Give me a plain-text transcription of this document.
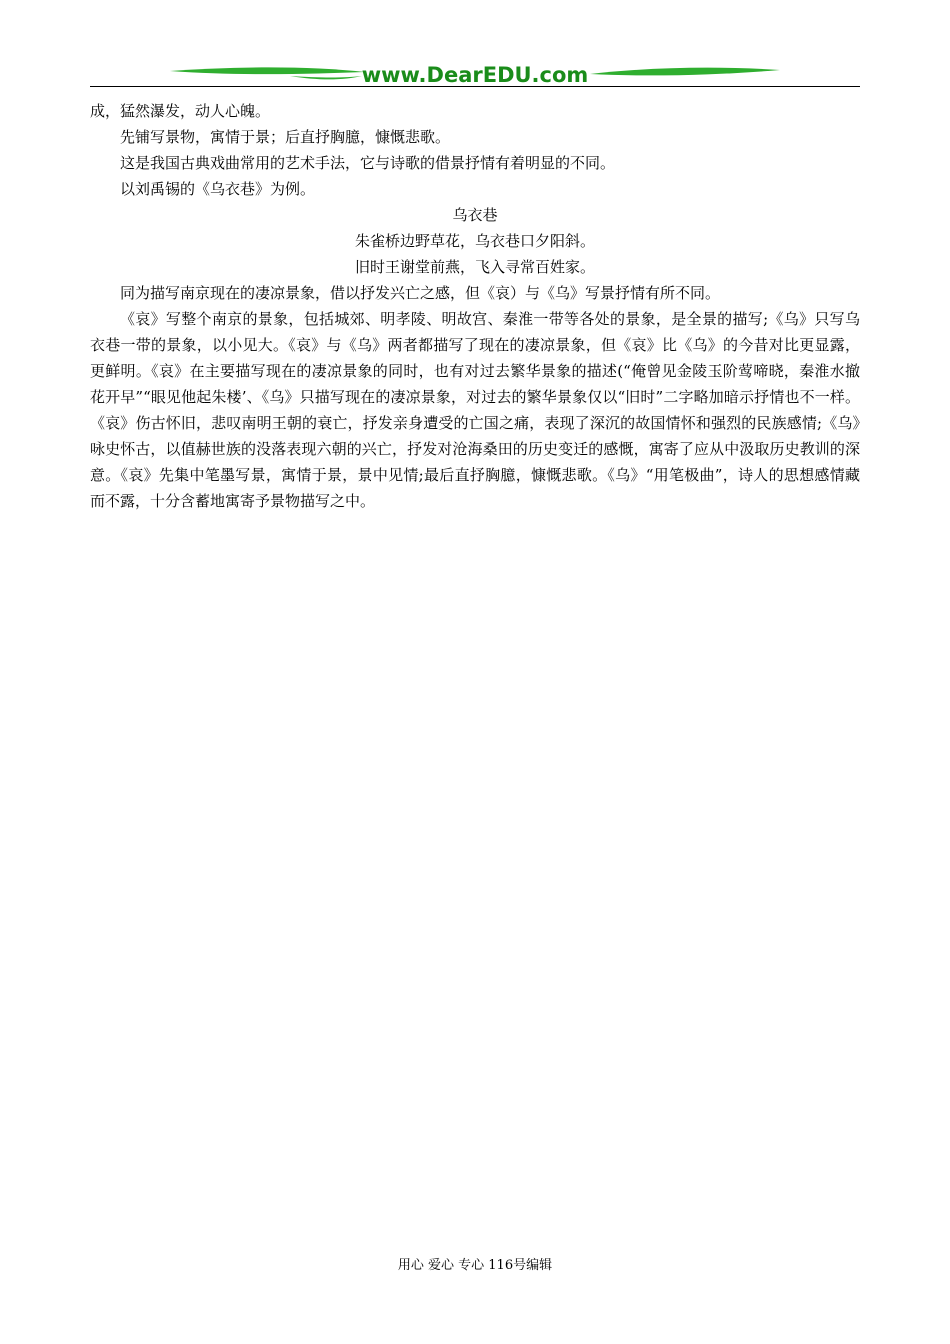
www.DearEDU.com

成，猛然瀑发，动人心魄。

先铺写景物，寓情于景；后直抒胸臆，慷慨悲歌。

这是我国古典戏曲常用的艺术手法，它与诗歌的借景抒情有着明显的不同。

以刘禹锡的《乌衣巷》为例。

乌衣巷

朱雀桥边野草花，乌衣巷口夕阳斜。

旧时王谢堂前燕，飞入寻常百姓家。

同为描写南京现在的凄凉景象，借以抒发兴亡之感，但《哀）与《乌》写景抒情有所不同。

《哀》写整个南京的景象，包括城郊、明孝陵、明故宫、秦淮一带等各处的景象，是全景的描写;《乌》只写乌衣巷一带的景象，以小见大。《哀》与《乌》两者都描写了现在的凄凉景象，但《哀》比《乌》的今昔对比更显露，更鲜明。《哀》在主要描写现在的凄凉景象的同时，也有对过去繁华景象的描述(“俺曾见金陵玉阶莺啼晓，秦淮水撤花开早”“眼见他起朱楼’、《乌》只描写现在的凄凉景象，对过去的繁华景象仅以“旧时”二字略加暗示抒情也不一样。《哀》伤古怀旧，悲叹南明王朝的衰亡，抒发亲身遭受的亡国之痛，表现了深沉的故国情怀和强烈的民族感情;《乌》咏史怀古，以值赫世族的没落表现六朝的兴亡，抒发对沧海桑田的历史变迁的感慨，寓寄了应从中汲取历史教训的深意。《哀》先集中笔墨写景，寓情于景，景中见情;最后直抒胸臆，慷慨悲歌。《乌》“用笔极曲”，诗人的思想感情藏而不露，十分含蓄地寓寄予景物描写之中。

用心 爱心 专心 116号编辑
